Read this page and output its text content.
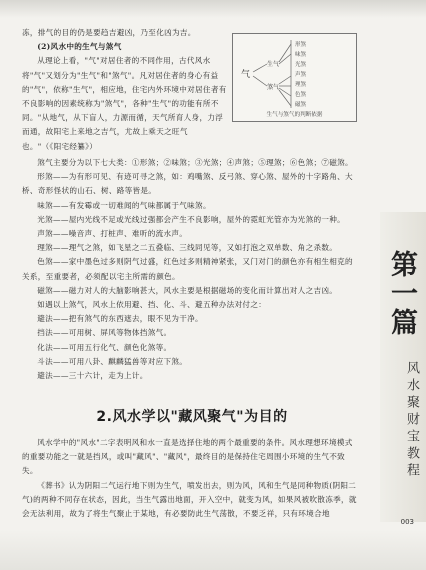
冻，排气的目的仍是要趋吉避凶，乃至化凶为吉。

(2)风水中的生气与煞气

从理论上看，"气"对居住者的不同作用，古代风水将"气"又划分为"生气"和"煞气"。凡对居住者的身心有益的"气"，依称"生气"，相应地，住宅内外环境中对居住者有不良影响的因素统称为"煞气"，各种"生气"的功能有所不同。"从地气，从下盲人，力源而循，天气所育人身，力浮而通，故阳宅上来地之吉气，尤故上乘天之旺气也。"（《阳宅经纂》）

气
生气
煞气
形煞
味煞
光煞
声煞
理煞
色煞
磁煞
生气与煞气的判断依据

煞气主要分为以下七大类：①形煞；②味煞；③光煞；④声煞；⑤理煞；⑥色煞；⑦磁煞。

形煞——为有形可见、有迹可寻之煞，如：鸡嘴煞、反弓煞、穿心煞、屋外的十字路角、大桥、奇形怪状的山石、树、路等皆是。

味煞——有发霉或一切难闻的气味都属于气味煞。

光煞——屋内光线不足或光线过强都会产生不良影响，屋外的霓虹光管亦为光煞的一种。

声煞——噪音声、打桩声、难听的流水声。

理煞——理气之煞，如飞星之二五叠临、三线同见等，又如打泡之双单数、角之杀数。

色煞——家中墨色过多则阴气过盛，红色过多则精神紧张，又门对门的颜色亦有相生相克的关系，至重要者，必须配以宅主所需的颜色。

磁煞——磁力对人的大脑影响甚大，风水主要是根据磁场的变化而计算出对人之吉凶。

如遇以上煞气，风水上依用避、挡、化、斗、避五种办法对付之：

避法——把有煞气的东西遮去，眼不见为干净。

挡法——可用树、屏风等物体挡煞气。

化法——可用五行化气、颜色化煞等。

斗法——可用八卦、麒麟猛兽等对应下煞。

避法——三十六计，走为上计。

2.风水学以"藏风聚气"为目的

风水学中的"风水"二字表明风和水一直是选择住地的两个最重要的条件。风水理想环境模式的重要功能之一就是挡风，或叫"藏风"、"藏风"，最终目的是保持住宅周围小环境的生气不致失。

《葬书》认为阴阳二气运行地下则为生气，喷发出去，则为风，风和生气是同种物质(阴阳二气)的两种不同存在状态，因此，当生气露出地面，开入空中，就变为风，如果风被吹散冻季，就会无法利用，故为了将生气聚止于某地，有必要防此生气荡散，不要乏祥，只有环境合地

第一篇
风水聚财宝教程
003
